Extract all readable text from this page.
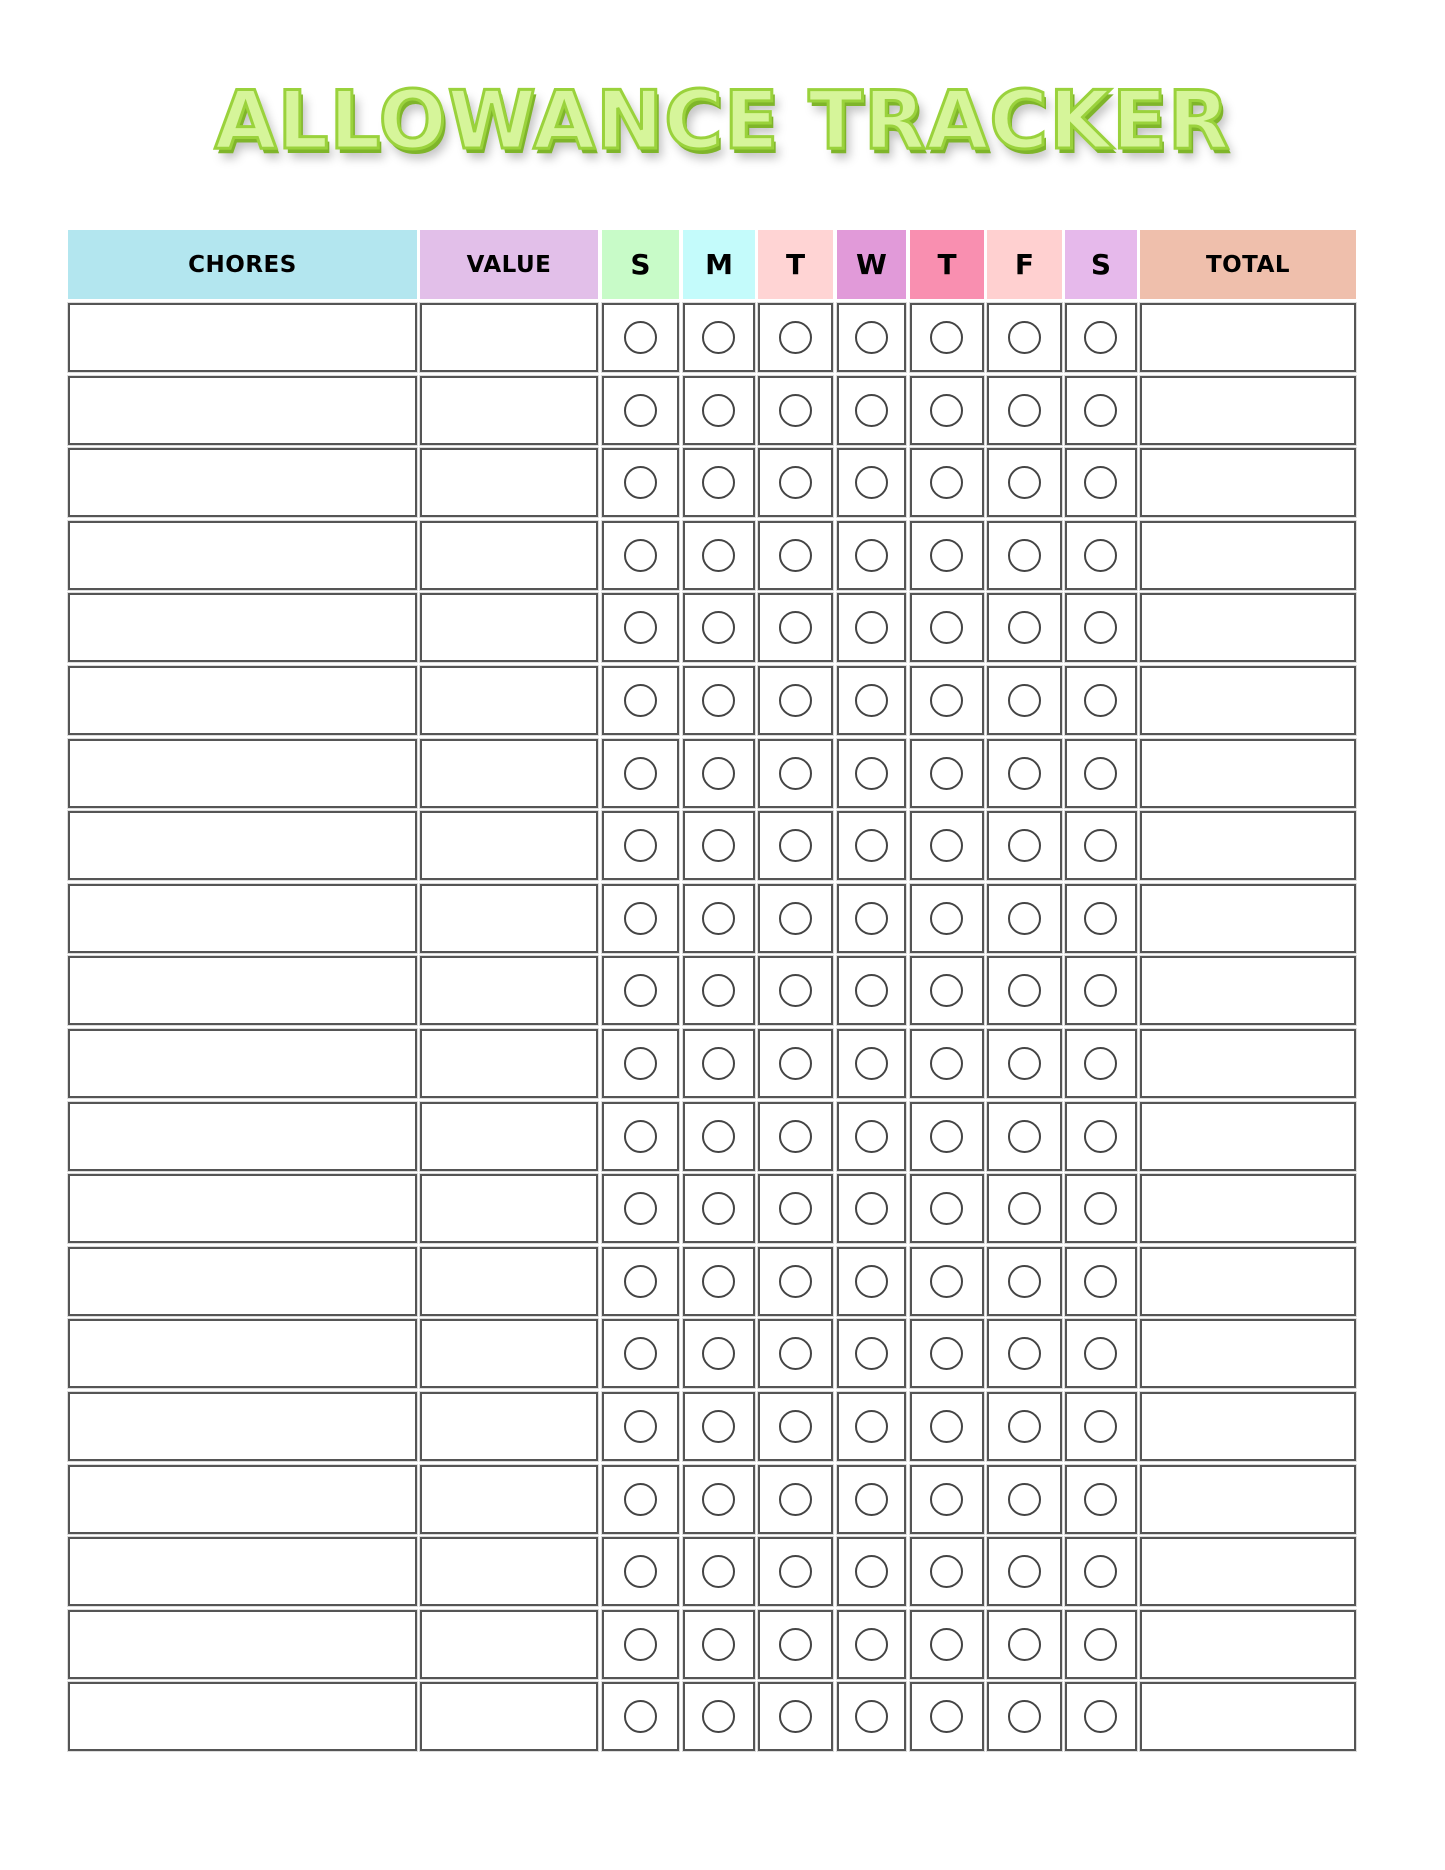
ALLOWANCE TRACKER
CHORES	VALUE	S	M	T	W	T	F	S	TOTAL
